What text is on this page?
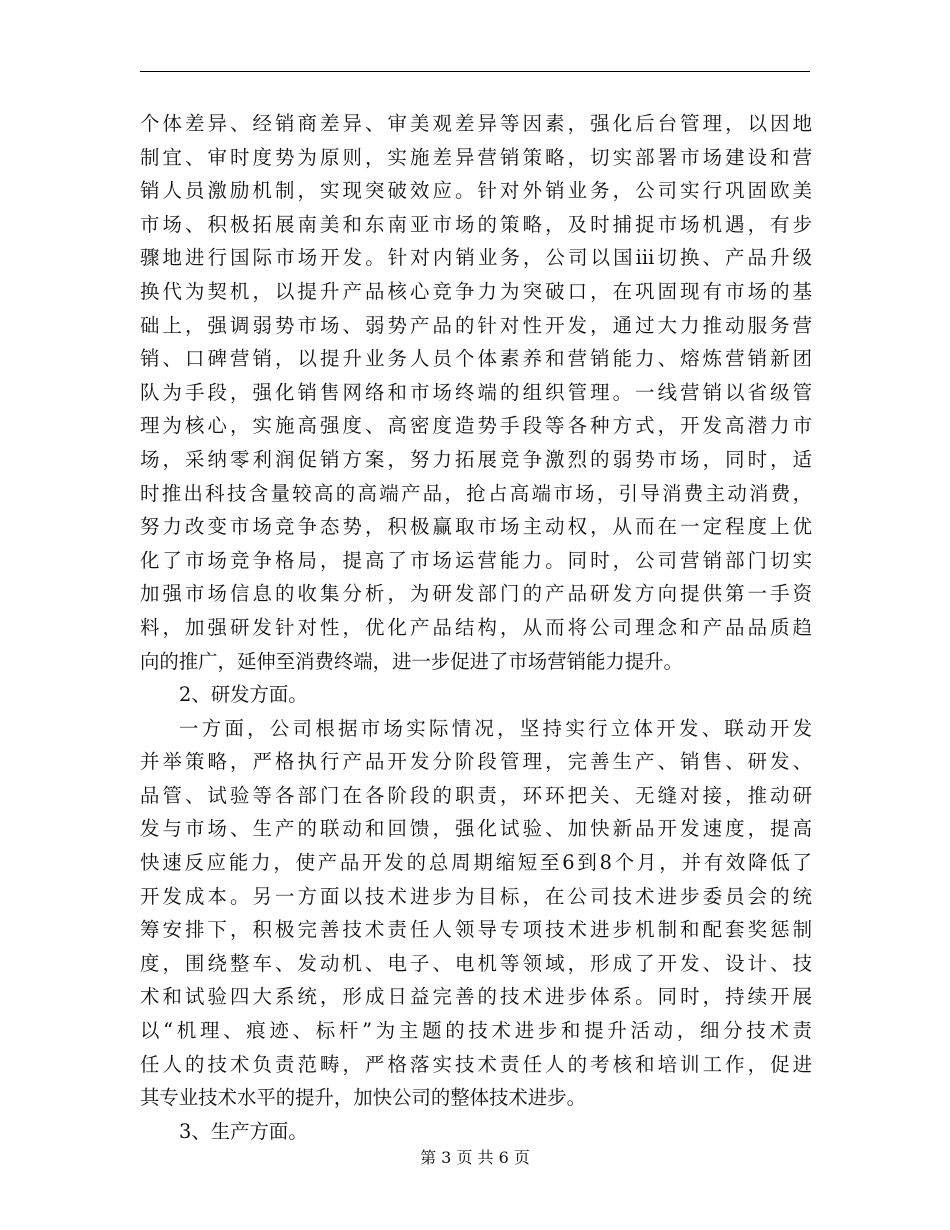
个体差异、经销商差异、审美观差异等因素，强化后台管理，以因地
制宜、审时度势为原则，实施差异营销策略，切实部署市场建设和营
销人员激励机制，实现突破效应。针对外销业务，公司实行巩固欧美
市场、积极拓展南美和东南亚市场的策略，及时捕捉市场机遇，有步
骤地进行国际市场开发。针对内销业务，公司以国iii切换、产品升级
换代为契机，以提升产品核心竞争力为突破口，在巩固现有市场的基
础上，强调弱势市场、弱势产品的针对性开发，通过大力推动服务营
销、口碑营销，以提升业务人员个体素养和营销能力、熔炼营销新团
队为手段，强化销售网络和市场终端的组织管理。一线营销以省级管
理为核心，实施高强度、高密度造势手段等各种方式，开发高潜力市
场，采纳零利润促销方案，努力拓展竞争激烈的弱势市场，同时，适
时推出科技含量较高的高端产品，抢占高端市场，引导消费主动消费，
努力改变市场竞争态势，积极赢取市场主动权，从而在一定程度上优
化了市场竞争格局，提高了市场运营能力。同时，公司营销部门切实
加强市场信息的收集分析，为研发部门的产品研发方向提供第一手资
料，加强研发针对性，优化产品结构，从而将公司理念和产品品质趋
向的推广，延伸至消费终端，进一步促进了市场营销能力提升。
2、研发方面。
一方面，公司根据市场实际情况，坚持实行立体开发、联动开发
并举策略，严格执行产品开发分阶段管理，完善生产、销售、研发、
品管、试验等各部门在各阶段的职责，环环把关、无缝对接，推动研
发与市场、生产的联动和回馈，强化试验、加快新品开发速度，提高
快速反应能力，使产品开发的总周期缩短至6到8个月，并有效降低了
开发成本。另一方面以技术进步为目标，在公司技术进步委员会的统
筹安排下，积极完善技术责任人领导专项技术进步机制和配套奖惩制
度，围绕整车、发动机、电子、电机等领域，形成了开发、设计、技
术和试验四大系统，形成日益完善的技术进步体系。同时，持续开展
以“机理、痕迹、标杆”为主题的技术进步和提升活动，细分技术责
任人的技术负责范畴，严格落实技术责任人的考核和培训工作，促进
其专业技术水平的提升，加快公司的整体技术进步。
3、生产方面。
第 3 页 共 6 页
